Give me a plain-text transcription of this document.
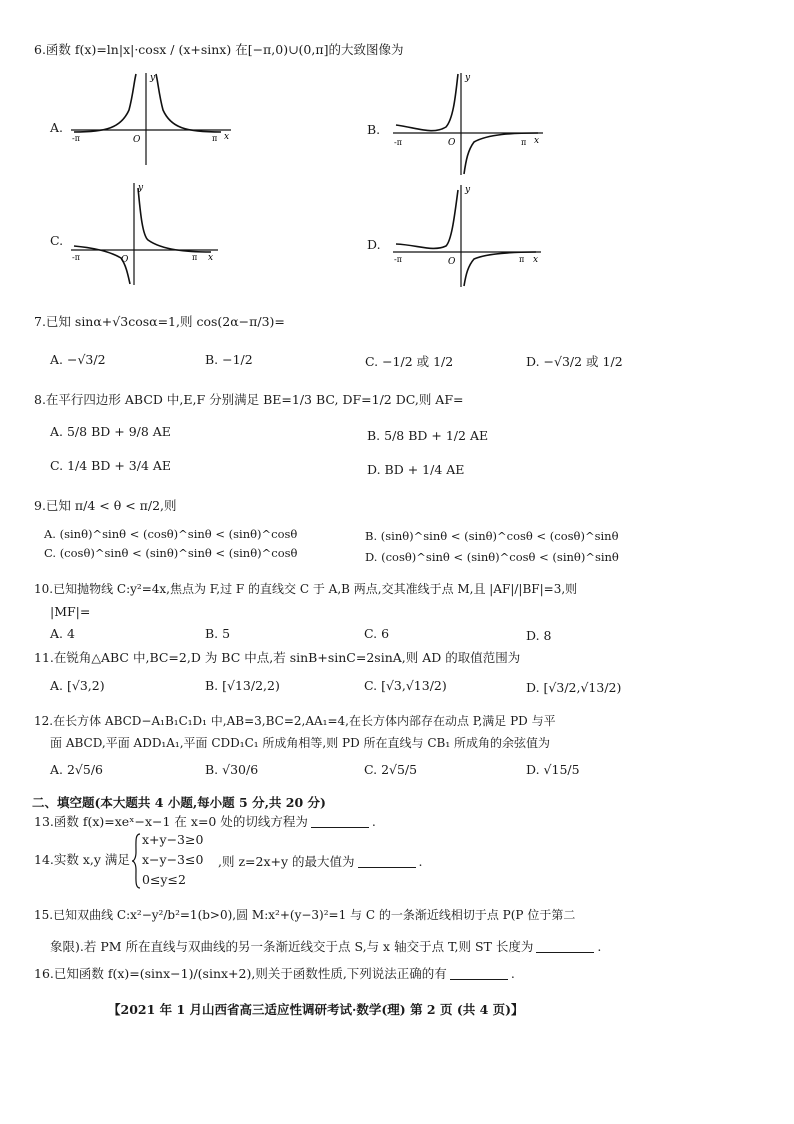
6.函数 f(x)=ln|x|·cosx / (x+sinx) 在[−π,0)∪(0,π]的大致图像为
A.
-π	π x
y
O
B.
-π	π x
y
O
C.
-π	π x
y
O
D.
-π	π x
y
O
7.已知 sinα+√3cosα=1,则 cos(2α−π/3)=
A. −√3/2	B. −1/2	C. −1/2 或 1/2	D. −√3/2 或 1/2
8.在平行四边形 ABCD 中,E,F 分别满足 BE=1/3 BC, DF=1/2 DC,则 AF=
A. 5/8 BD + 9/8 AE	B. 5/8 BD + 1/2 AE
C. 1/4 BD + 3/4 AE	D. BD + 1/4 AE
9.已知 π/4 < θ < π/2,则
A. (sinθ)^sinθ < (cosθ)^sinθ < (sinθ)^cosθ	B. (sinθ)^sinθ < (sinθ)^cosθ < (cosθ)^sinθ
C. (cosθ)^sinθ < (sinθ)^sinθ < (sinθ)^cosθ	D. (cosθ)^sinθ < (sinθ)^cosθ < (sinθ)^sinθ
10.已知抛物线 C:y²=4x,焦点为 F,过 F 的直线交 C 于 A,B 两点,交其准线于点 M,且 |AF|/|BF|=3,则
|MF|=
A. 4	B. 5	C. 6	D. 8
11.在锐角△ABC 中,BC=2,D 为 BC 中点,若 sinB+sinC=2sinA,则 AD 的取值范围为
A. [√3,2)	B. [√13/2,2)	C. [√3,√13/2)	D. [√3/2,√13/2)
12.在长方体 ABCD−A₁B₁C₁D₁ 中,AB=3,BC=2,AA₁=4,在长方体内部存在动点 P,满足 PD 与平
面 ABCD,平面 ADD₁A₁,平面 CDD₁C₁ 所成角相等,则 PD 所在直线与 CB₁ 所成角的余弦值为
A. 2√5/6	B. √30/6	C. 2√5/5	D. √15/5
二、填空题(本大题共 4 小题,每小题 5 分,共 20 分)
13.函数 f(x)=xeˣ−x−1 在 x=0 处的切线方程为	.
14.实数 x,y 满足
x+y−3≥0
x−y−3≤0
0≤y≤2
,则 z=2x+y 的最大值为	.
15.已知双曲线 C:x²−y²/b²=1(b>0),圆 M:x²+(y−3)²=1 与 C 的一条渐近线相切于点 P(P 位于第二
象限).若 PM 所在直线与双曲线的另一条渐近线交于点 S,与 x 轴交于点 T,则 ST 长度为	.
16.已知函数 f(x)=(sinx−1)/(sinx+2),则关于函数性质,下列说法正确的有	.
【2021 年 1 月山西省高三适应性调研考试·数学(理) 第 2 页 (共 4 页)】
